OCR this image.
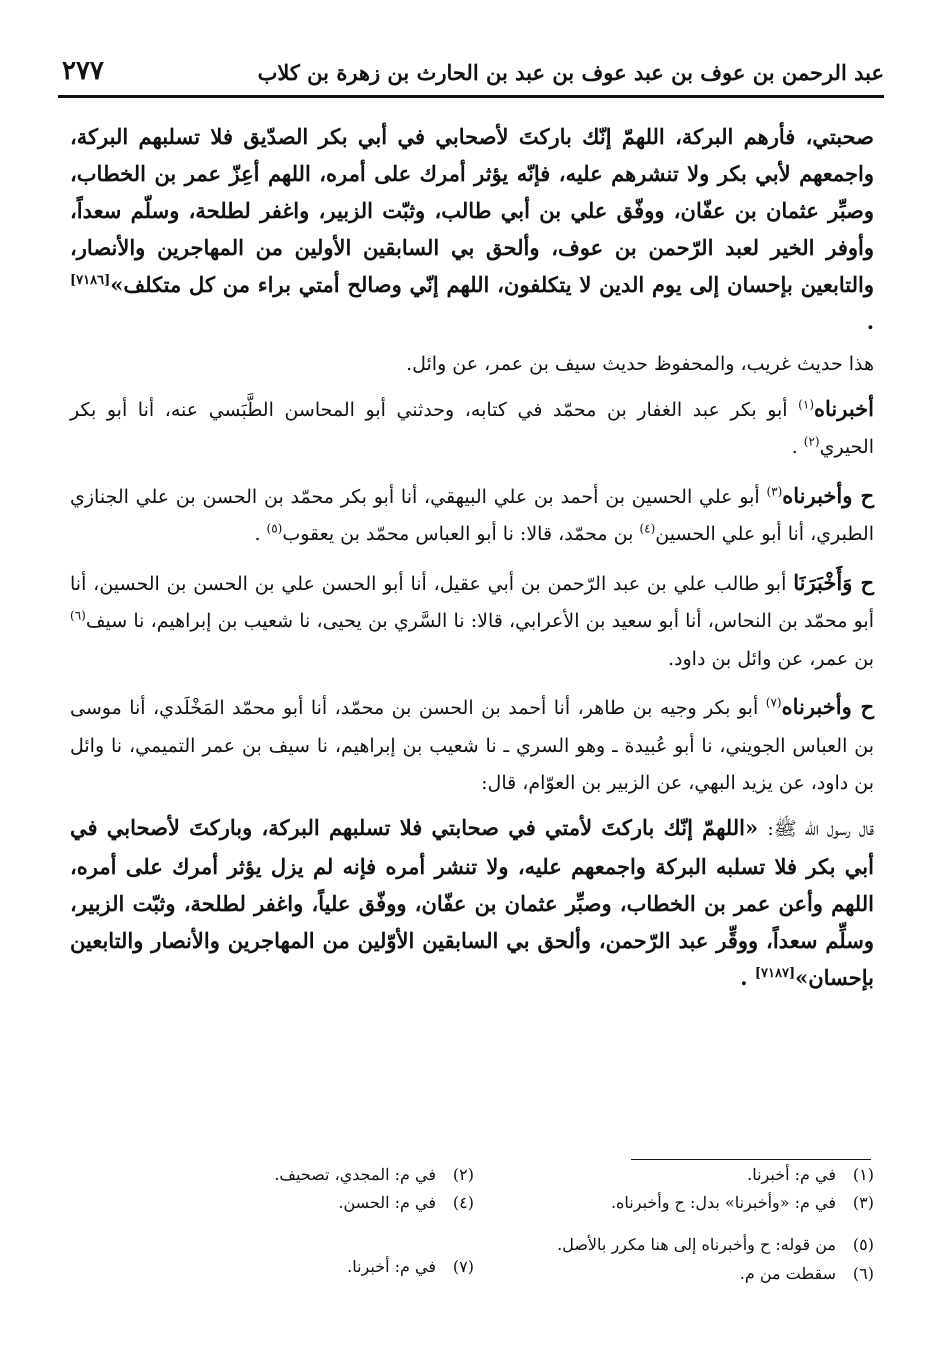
عبد الرحمن بن عوف بن عبد عوف بن عبد بن الحارث بن زهرة بن كلاب
٢٧٧

صحبتي، فأرهم البركة، اللهمّ إنّك باركتَ لأصحابي في أبي بكر الصدّيق فلا تسلبهم البركة، واجمعهم لأبي بكر ولا تنشرهم عليه، فإنّه يؤثر أمرك على أمره، اللهم أعِزّ عمر بن الخطاب، وصبِّر عثمان بن عفّان، ووفّق علي بن أبي طالب، وثبّت الزبير، واغفر لطلحة، وسلّم سعداً، وأوفر الخير لعبد الرّحمن بن عوف، وألحق بي السابقين الأولين من المهاجرين والأنصار، والتابعين بإحسان إلى يوم الدين لا يتكلفون، اللهم إنّي وصالح أمتي براء من كل متكلف»[٧١٨٦] .

هذا حديث غريب، والمحفوظ حديث سيف بن عمر، عن وائل.

أخبرناه$^{(١)}$ أبو بكر عبد الغفار بن محمّد في كتابه، وحدثني أبو المحاسن الطَّبَسي عنه، أنا أبو بكر الحيري$^{(٢)}$ .

ح وأخبرناه$^{(٣)}$ أبو علي الحسين بن أحمد بن علي البيهقي، أنا أبو بكر محمّد بن الحسن بن علي الجنازي الطبري، أنا أبو علي الحسين$^{(٤)}$ بن محمّد، قالا: نا أبو العباس محمّد بن يعقوب$^{(٥)}$ .

ح وَأَخْبَرَنَا أبو طالب علي بن عبد الرّحمن بن أبي عقيل، أنا أبو الحسن علي بن الحسن بن الحسين، أنا أبو محمّد بن النحاس، أنا أبو سعيد بن الأعرابي، قالا: نا السَّري بن يحيى، نا شعيب بن إبراهيم، نا سيف$^{(٦)}$ بن عمر، عن وائل بن داود.

ح وأخبرناه$^{(٧)}$ أبو بكر وجيه بن طاهر، أنا أحمد بن الحسن بن محمّد، أنا أبو محمّد المَخْلَدي، أنا موسى بن العباس الجويني، نا أبو عُبيدة ـ وهو السري ـ نا شعيب بن إبراهيم، نا سيف بن عمر التميمي، نا وائل بن داود، عن يزيد البهي، عن الزبير بن العوّام، قال:

قال رسول الله ﷺ: «اللهمّ إنّك باركتَ لأمتي في صحابتي فلا تسلبهم البركة، وباركتَ لأصحابي في أبي بكر فلا تسلبه البركة واجمعهم عليه، ولا تنشر أمره فإنه لم يزل يؤثر أمرك على أمره، اللهم وأعن عمر بن الخطاب، وصبِّر عثمان بن عفّان، ووفّق علياً، واغفر لطلحة، وثبّت الزبير، وسلِّم سعداً، ووقِّر عبد الرّحمن، وألحق بي السابقين الأوّلين من المهاجرين والأنصار والتابعين بإحسان»[٧١٨٧] .

(١)في م: أخبرنا.
(٢)في م: المجدي، تصحيف.
(٣)في م: «وأخبرنا» بدل: ح وأخبرناه.
(٤)في م: الحسن.
(٥)من قوله: ح وأخبرناه إلى هنا مكرر بالأصل.
(٧)في م: أخبرنا.	(٦)سقطت من م.
